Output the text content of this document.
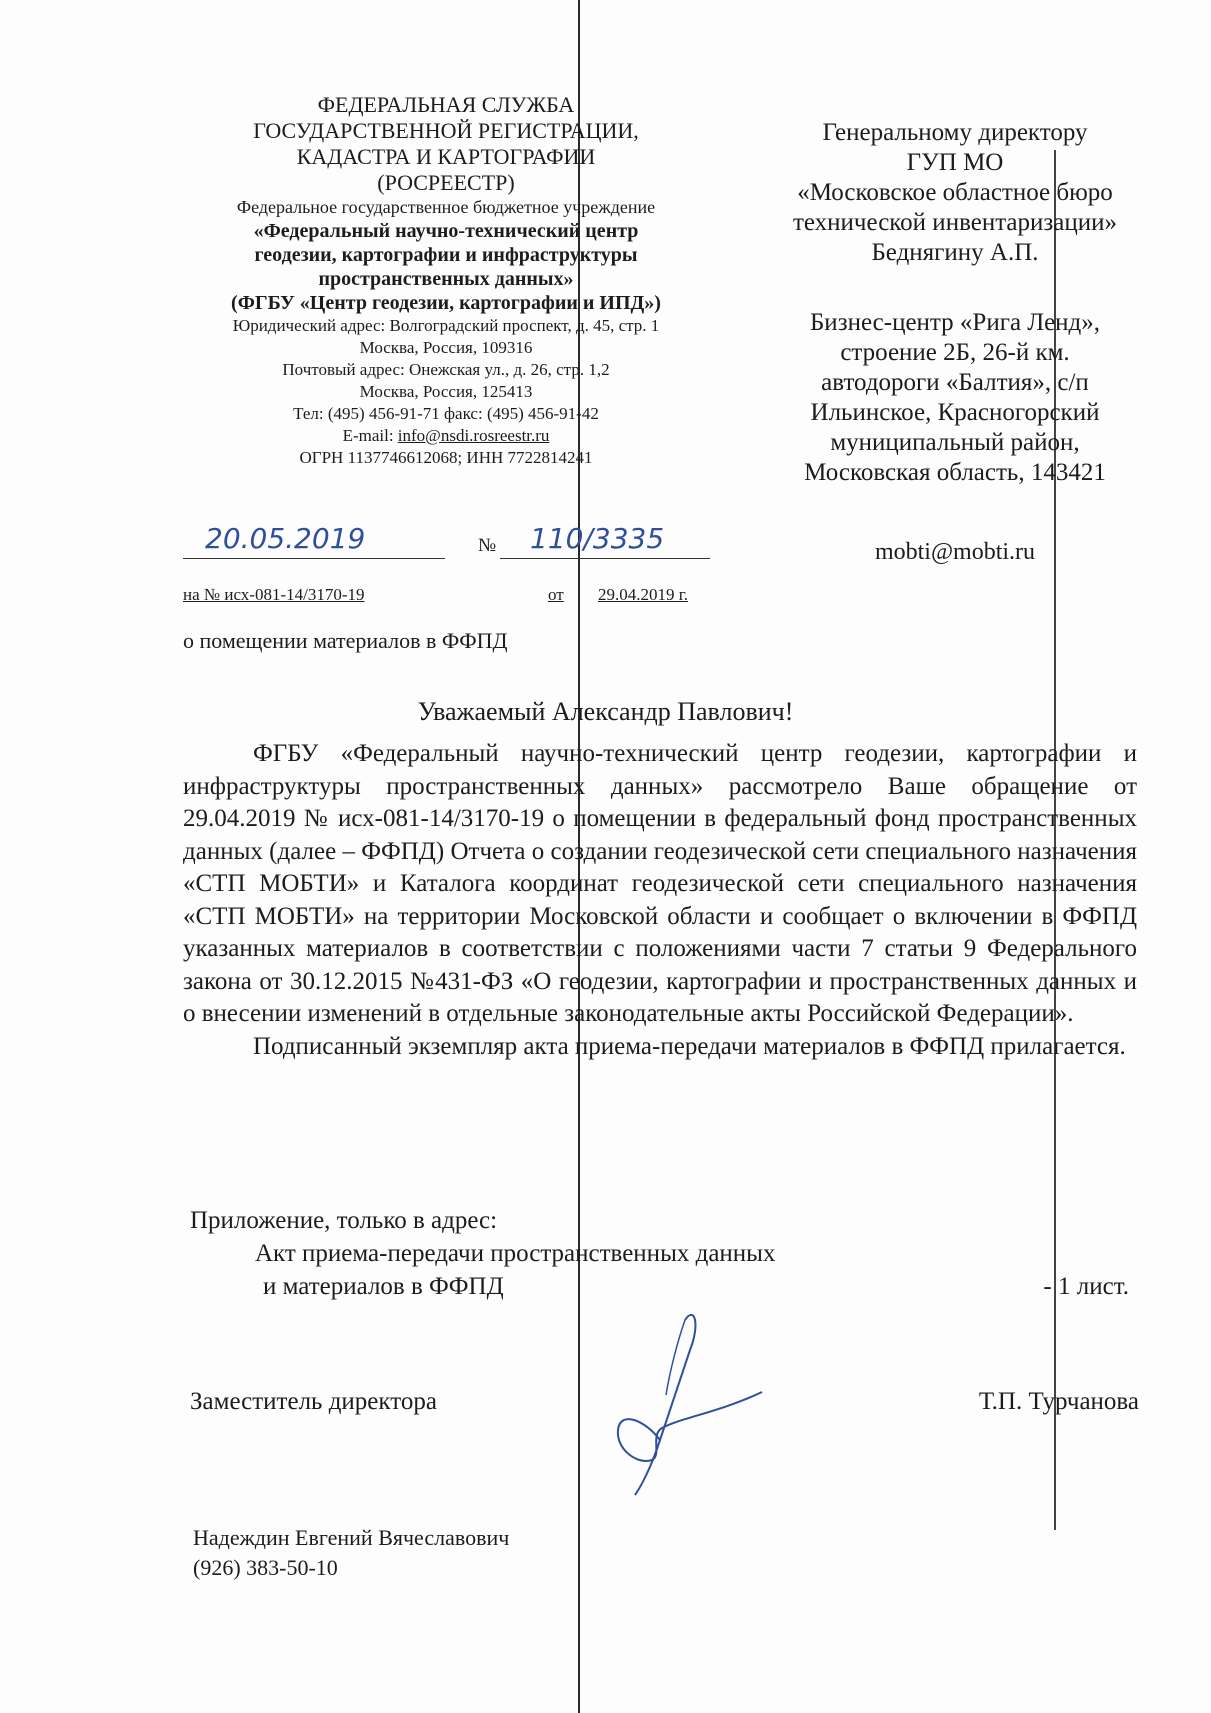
ФЕДЕРАЛЬНАЯ СЛУЖБА
ГОСУДАРСТВЕННОЙ РЕГИСТРАЦИИ,
КАДАСТРА И КАРТОГРАФИИ
(РОСРЕЕСТР)
Федеральное государственное бюджетное учреждение
«Федеральный научно-технический центр
геодезии, картографии и инфраструктуры
пространственных данных»
(ФГБУ «Центр геодезии, картографии и ИПД»)
Юридический адрес: Волгоградский проспект, д. 45, стр. 1
Москва, Россия, 109316
Почтовый адрес: Онежская ул., д. 26, стр. 1,2
Москва, Россия, 125413
Тел: (495) 456-91-71 факс: (495) 456-91-42
E-mail: info@nsdi.rosreestr.ru
ОГРН 1137746612068; ИНН 7722814241
Генеральному директору
ГУП МО
«Московское областное бюро
технической инвентаризации»
Беднягину А.П.
Бизнес-центр «Рига Ленд»,
строение 2Б, 26-й км.
автодороги «Балтия», с/п
Ильинское, Красногорский
муниципальный район,
Московская область, 143421
mobti@mobti.ru
20.05.2019	№ 110/3335
на № исх-081-14/3170-19	от 29.04.2019 г.
о помещении материалов в ФФПД
Уважаемый Александр Павлович!

ФГБУ «Федеральный научно-технический центр геодезии, картографии и инфраструктуры пространственных данных» рассмотрело Ваше обращение от 29.04.2019 № исх-081-14/3170-19 о помещении в федеральный фонд пространственных данных (далее – ФФПД) Отчета о создании геодезической сети специального назначения «СТП МОБТИ» и Каталога координат геодезической сети специального назначения «СТП МОБТИ» на территории Московской области и сообщает о включении в ФФПД указанных материалов в соответствии с положениями части 7 статьи 9 Федерального закона от 30.12.2015 №431-ФЗ «О геодезии, картографии и пространственных данных и о внесении изменений в отдельные законодательные акты Российской Федерации».

Подписанный экземпляр акта приема-передачи материалов в ФФПД прилагается.

Приложение, только в адрес:
Акт приема-передачи пространственных данных
и материалов в ФФПД	- 1 лист.
Заместитель директора	Т.П. Турчанова
Надеждин Евгений Вячеславович
(926) 383-50-10
